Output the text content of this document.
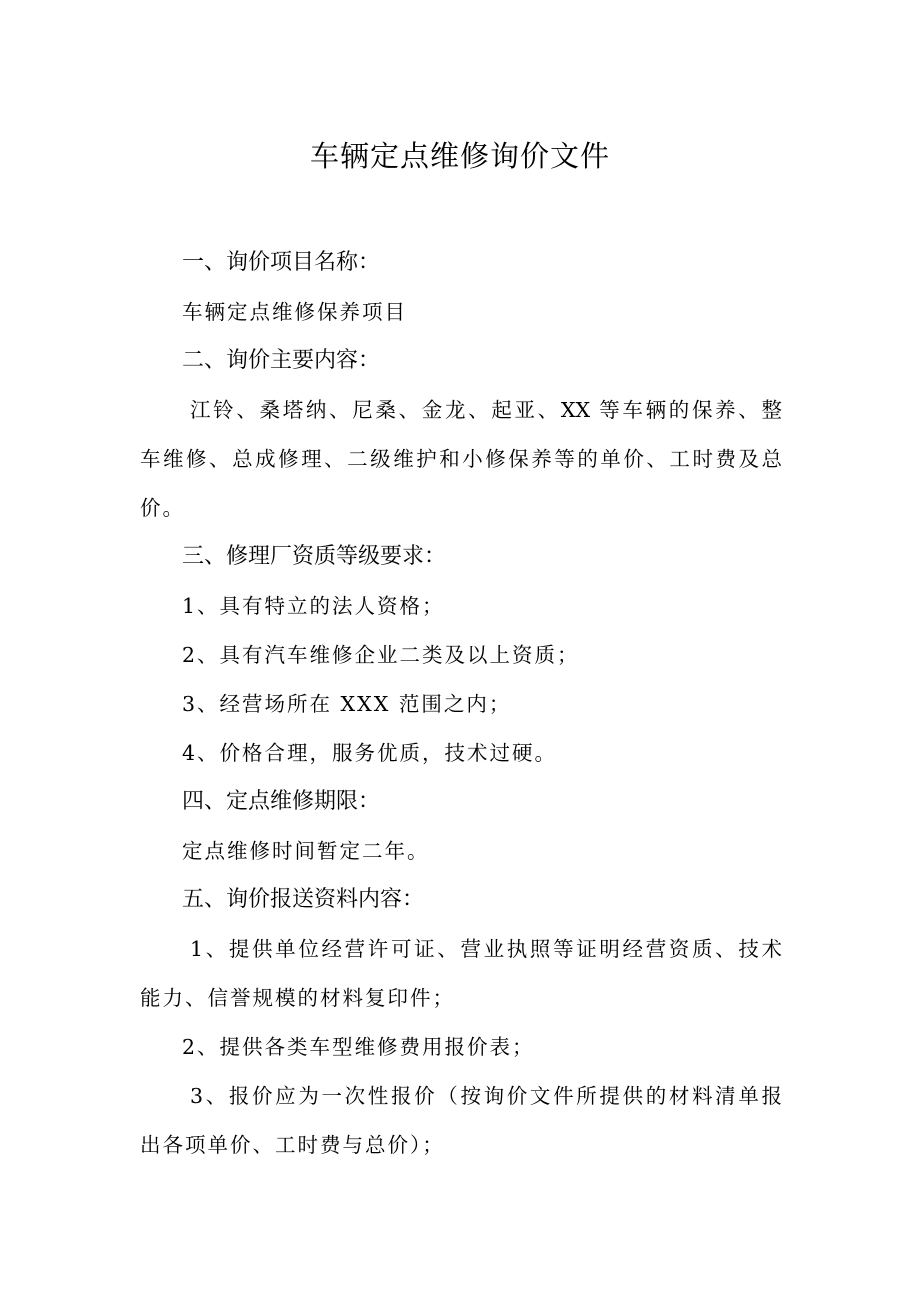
车辆定点维修询价文件
一、询价项目名称：

车辆定点维修保养项目

二、询价主要内容：

江铃、桑塔纳、尼桑、金龙、起亚、XX 等车辆的保养、整

车维修、总成修理、二级维护和小修保养等的单价、工时费及总

价。

三、修理厂资质等级要求：

1、具有特立的法人资格；

2、具有汽车维修企业二类及以上资质；

3、经营场所在 XXX 范围之内；

4、价格合理，服务优质，技术过硬。

四、定点维修期限：

定点维修时间暂定二年。

五、询价报送资料内容：

1、提供单位经营许可证、营业执照等证明经营资质、技术

能力、信誉规模的材料复印件；

2、提供各类车型维修费用报价表；

3、报价应为一次性报价（按询价文件所提供的材料清单报

出各项单价、工时费与总价）；
